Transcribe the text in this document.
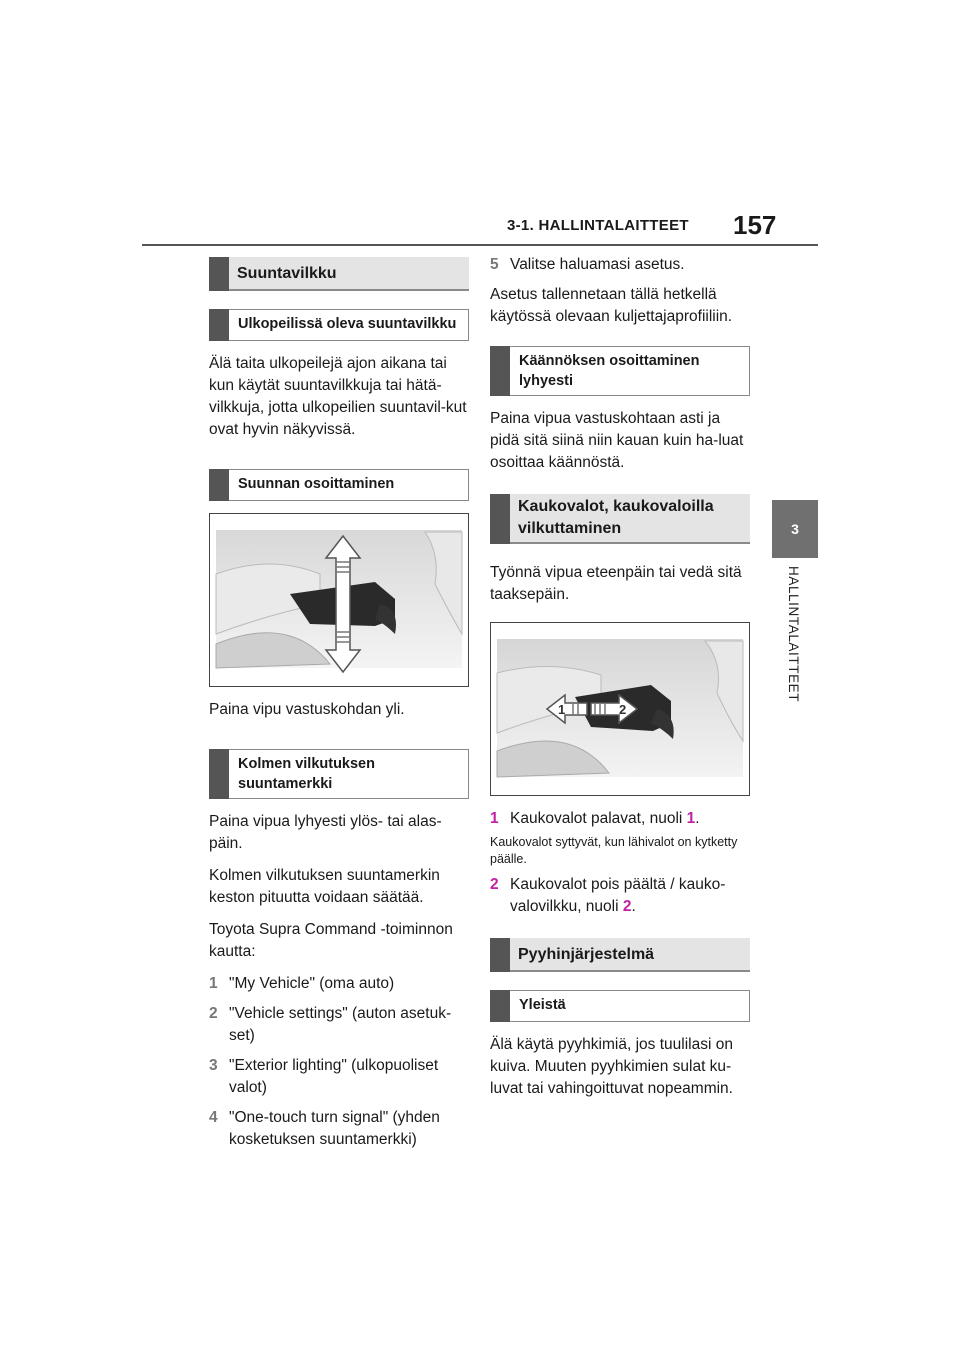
3-1. HALLINTALAITTEET 157
3
HALLINTALAITTEET
Suuntavilkku
Ulkopeilissä oleva suuntavilkku

Älä taita ulkopeilejä ajon aikana tai kun käytät suuntavilkkuja tai hätä-vilkkuja, jotta ulkopeilien suuntavil-kut ovat hyvin näkyvissä.

Suunnan osoittaminen

Paina vipu vastuskohdan yli.

Kolmen vilkutuksen suuntamerkki

Paina vipua lyhyesti ylös- tai alas-päin.

Kolmen vilkutuksen suuntamerkin keston pituutta voidaan säätää.

Toyota Supra Command -toiminnon kautta:

1 "My Vehicle" (oma auto)
2 "Vehicle settings" (auton asetuk-set)
3 "Exterior lighting" (ulkopuoliset valot)
4 "One-touch turn signal" (yhden kosketuksen suuntamerkki)
5 Valitse haluamasi asetus.

Asetus tallennetaan tällä hetkellä käytössä olevaan kuljettajaprofiiliin.

Käännöksen osoittaminen lyhyesti

Paina vipua vastuskohtaan asti ja pidä sitä siinä niin kauan kuin ha-luat osoittaa käännöstä.

Kaukovalot, kaukovaloilla vilkuttaminen

Työnnä vipua eteenpäin tai vedä sitä taaksepäin.

1	2
1 Kaukovalot palavat, nuoli 1.

Kaukovalot syttyvät, kun lähivalot on kytketty päälle.

2 Kaukovalot pois päältä / kauko-valovilkku, nuoli 2.
Pyyhinjärjestelmä
Yleistä

Älä käytä pyyhkimiä, jos tuulilasi on kuiva. Muuten pyyhkimien sulat ku-luvat tai vahingoittuvat nopeammin.
